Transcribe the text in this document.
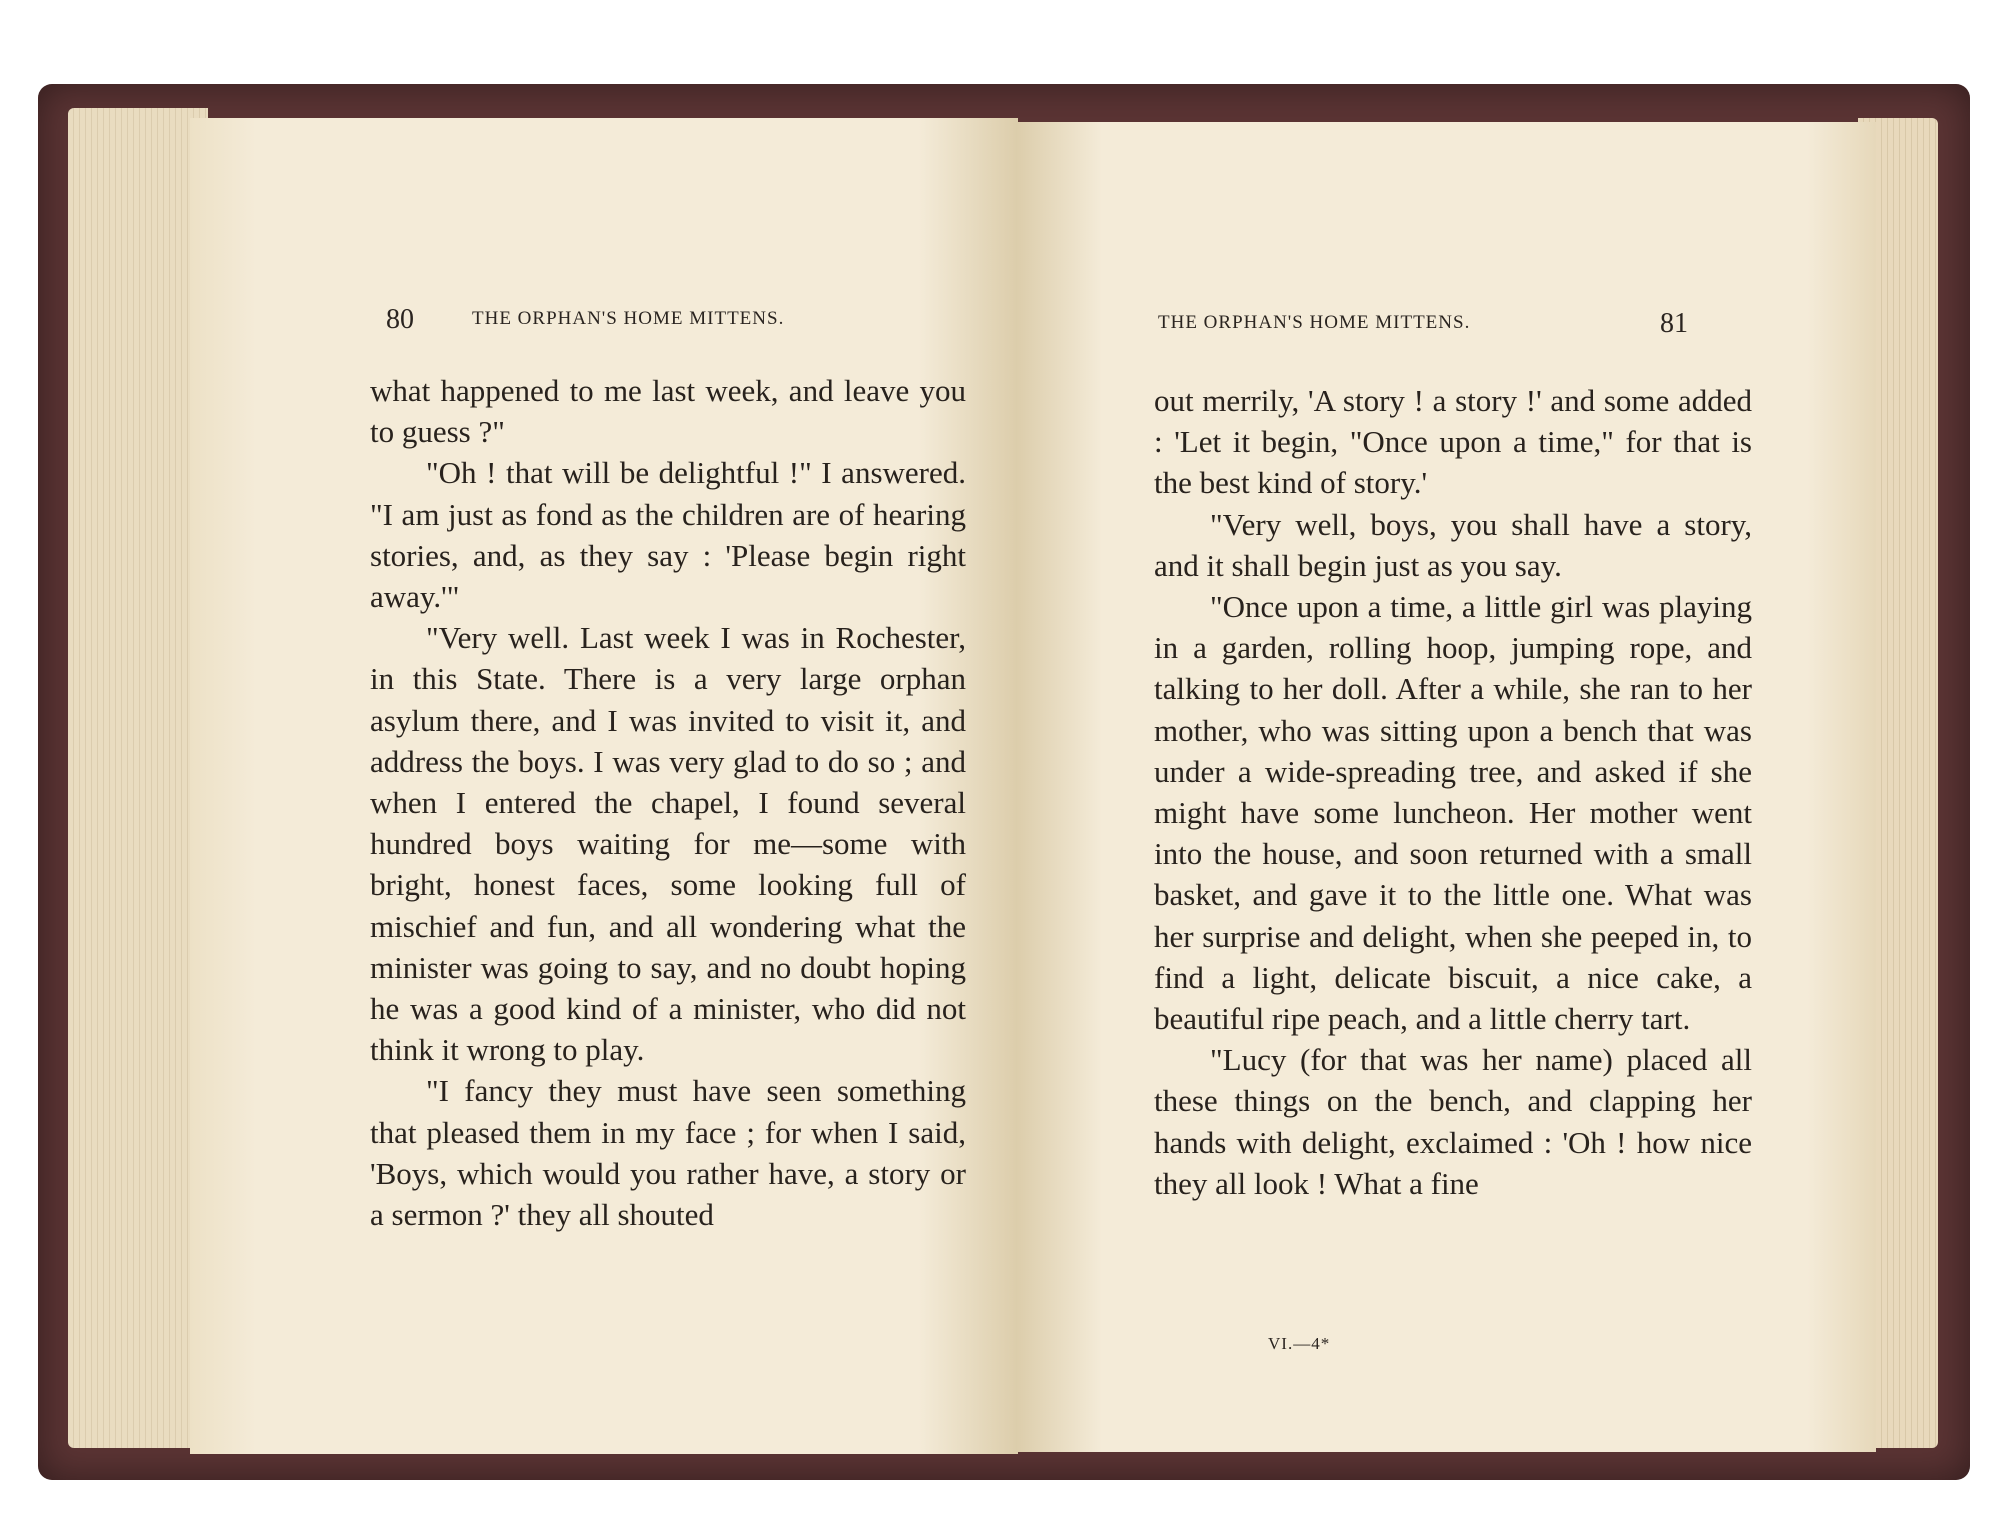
80	THE ORPHAN'S HOME MITTENS.

what happened to me last week, and leave you to guess ?"

"Oh ! that will be delightful !" I answered. "I am just as fond as the children are of hearing stories, and, as they say : 'Please begin right away.'"

"Very well. Last week I was in Rochester, in this State. There is a very large orphan asylum there, and I was invited to visit it, and address the boys. I was very glad to do so ; and when I entered the chapel, I found several hundred boys waiting for me—some with bright, honest faces, some looking full of mischief and fun, and all wondering what the minister was going to say, and no doubt hoping he was a good kind of a minister, who did not think it wrong to play.

"I fancy they must have seen something that pleased them in my face ; for when I said, 'Boys, which would you rather have, a story or a sermon ?' they all shouted

THE ORPHAN'S HOME MITTENS.	81

out merrily, 'A story ! a story !' and some added : 'Let it begin, "Once upon a time," for that is the best kind of story.'

"Very well, boys, you shall have a story, and it shall begin just as you say.

"Once upon a time, a little girl was playing in a garden, rolling hoop, jumping rope, and talking to her doll. After a while, she ran to her mother, who was sitting upon a bench that was under a wide-spreading tree, and asked if she might have some luncheon. Her mother went into the house, and soon returned with a small basket, and gave it to the little one. What was her surprise and delight, when she peeped in, to find a light, delicate biscuit, a nice cake, a beautiful ripe peach, and a little cherry tart.

"Lucy (for that was her name) placed all these things on the bench, and clapping her hands with delight, exclaimed : 'Oh ! how nice they all look ! What a fine

VI.—4*
